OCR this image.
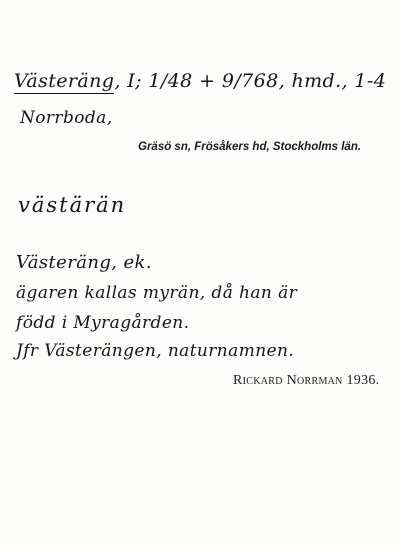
Västeräng, I; 1/48 + 9/768, hmd., 1-4
Norrboda,
Gräsö sn, Frösåkers hd, Stockholms län.
västärän
Västeräng, ek.
ägaren kallas myrän, då han är
född i Myragården.
Jfr Västerängen, naturnamnen.
Rickard Norrman 1936.
